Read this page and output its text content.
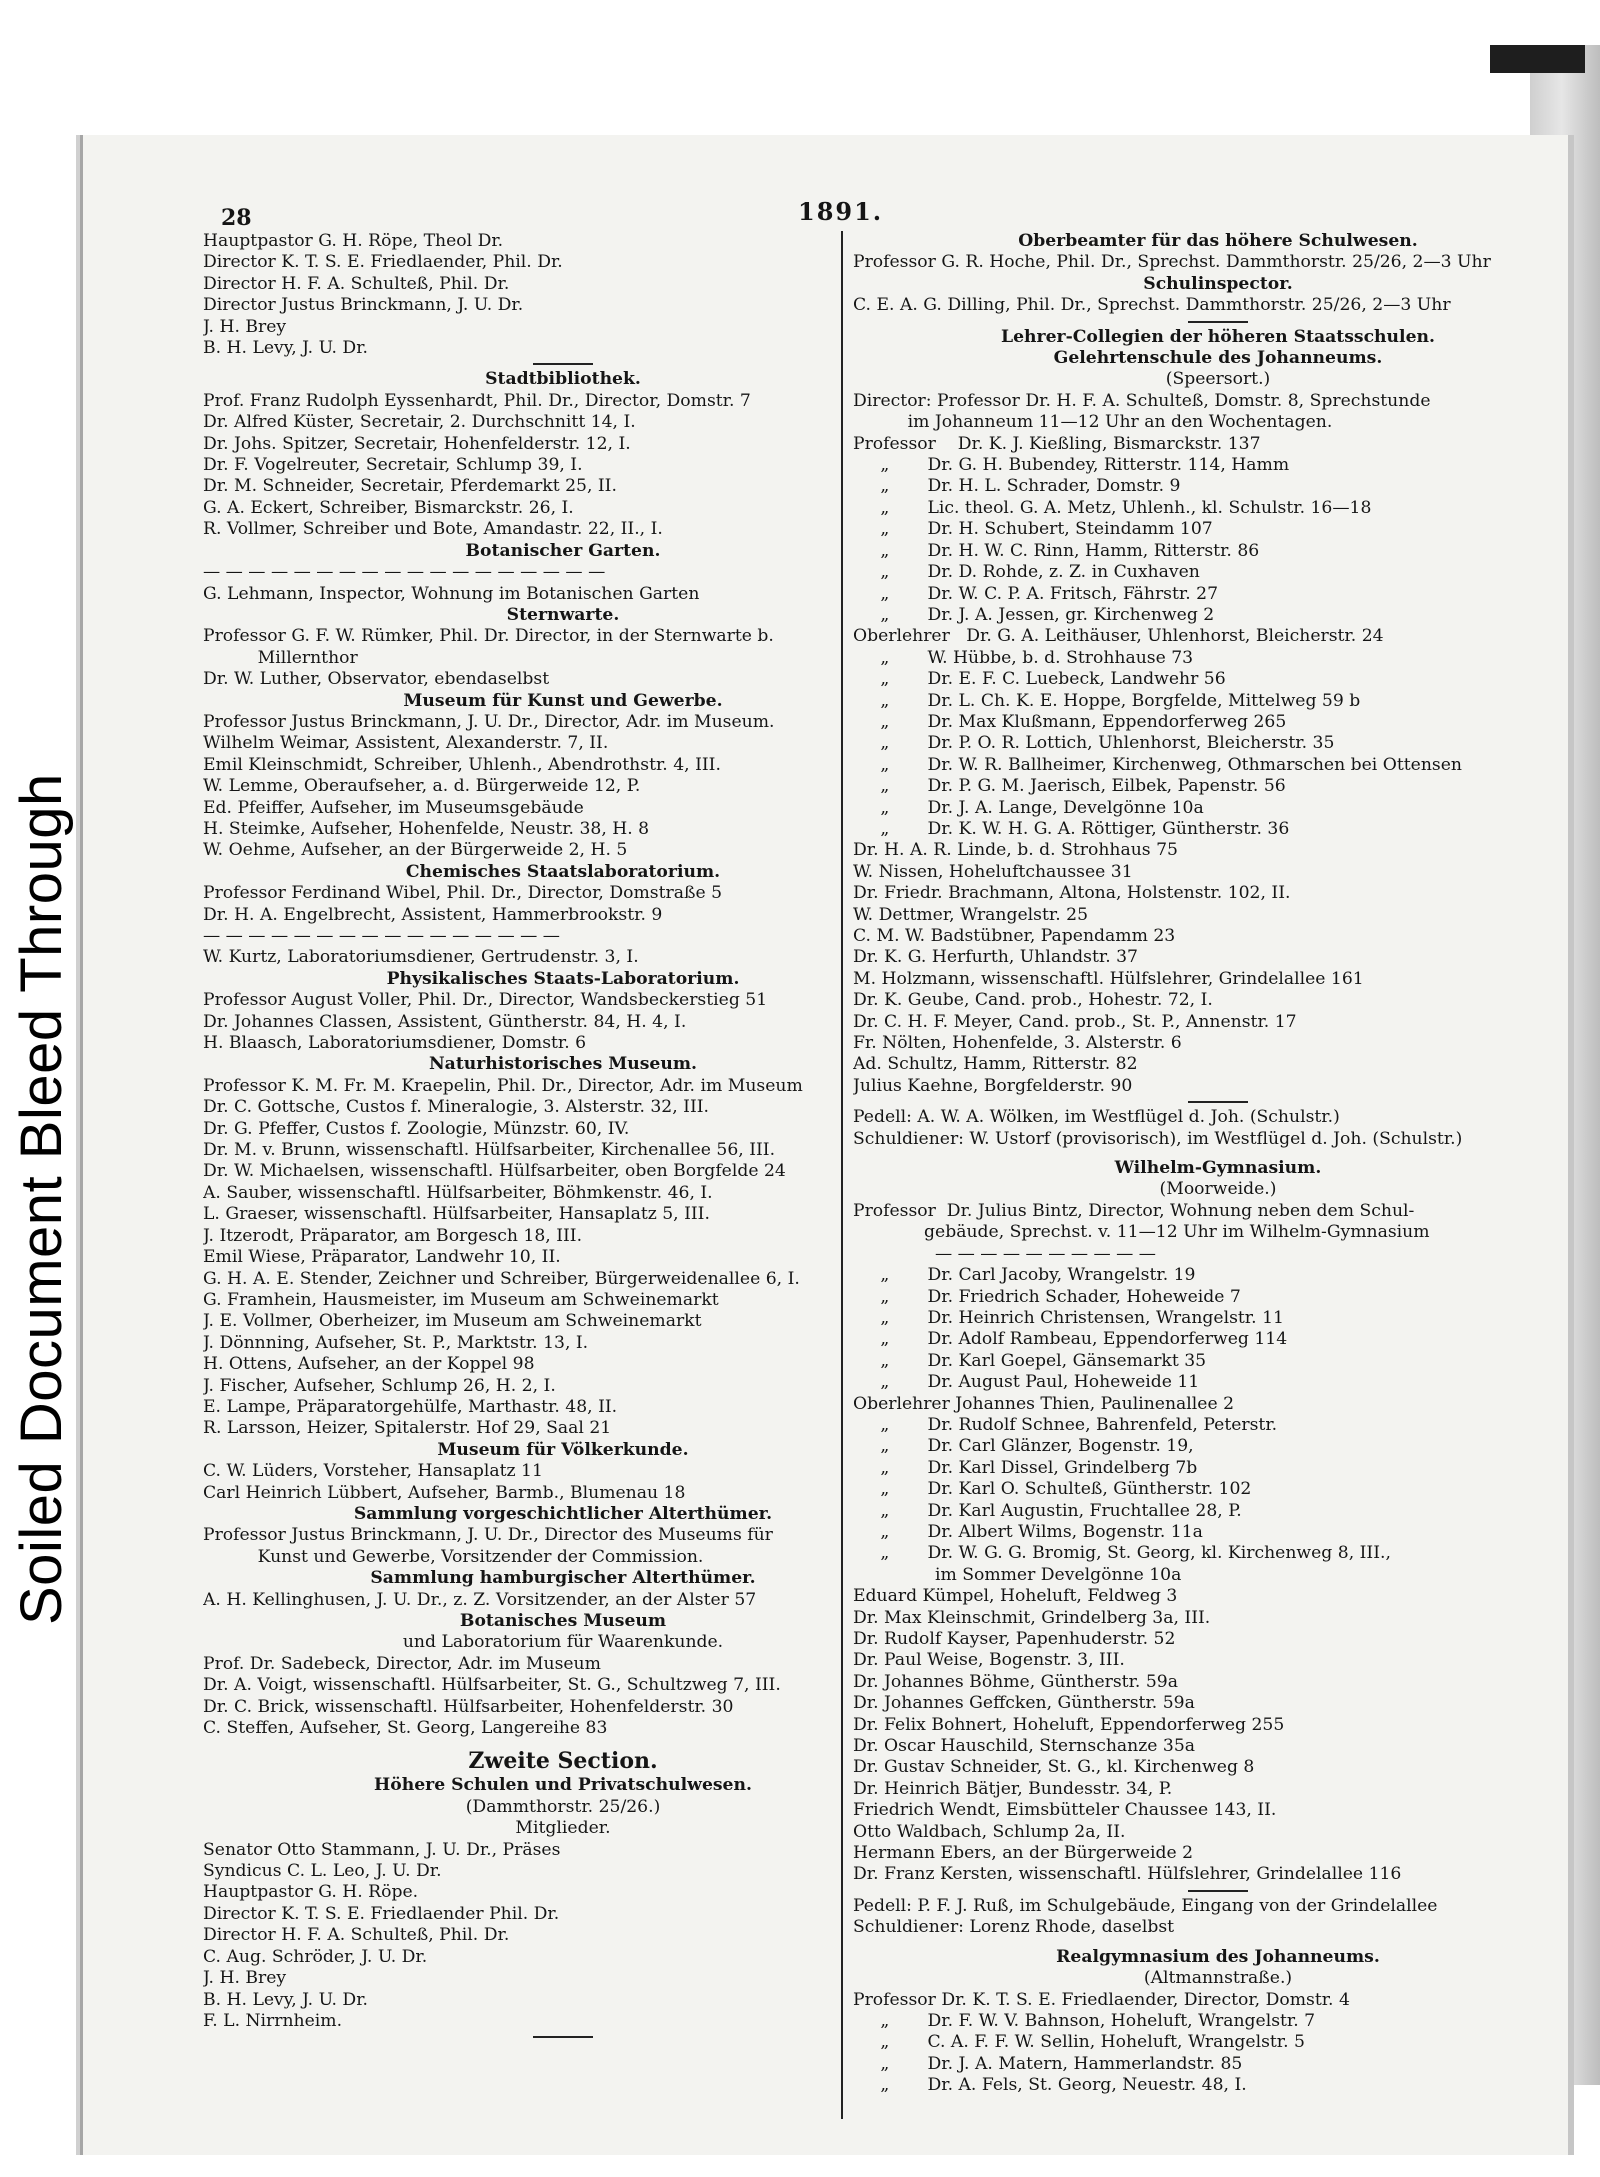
Soiled Document Bleed Through
28	1891.
Hauptpastor G. H. Röpe, Theol Dr.
Director K. T. S. E. Friedlaender, Phil. Dr.
Director H. F. A. Schulteß, Phil. Dr.
Director Justus Brinckmann, J. U. Dr.
J. H. Brey
B. H. Levy, J. U. Dr.
Stadtbibliothek.
Prof. Franz Rudolph Eyssenhardt, Phil. Dr., Director, Domstr. 7
Dr. Alfred Küster, Secretair, 2. Durchschnitt 14, I.
Dr. Johs. Spitzer, Secretair, Hohenfelderstr. 12, I.
Dr. F. Vogelreuter, Secretair, Schlump 39, I.
Dr. M. Schneider, Secretair, Pferdemarkt 25, II.
G. A. Eckert, Schreiber, Bismarckstr. 26, I.
R. Vollmer, Schreiber und Bote, Amandastr. 22, II., I.
Botanischer Garten.
— — — — — — — — — — — — — — — — — —
G. Lehmann, Inspector, Wohnung im Botanischen Garten
Sternwarte.
Professor G. F. W. Rümker, Phil. Dr. Director, in der Sternwarte b.
Millernthor
Dr. W. Luther, Observator, ebendaselbst
Museum für Kunst und Gewerbe.
Professor Justus Brinckmann, J. U. Dr., Director, Adr. im Museum.
Wilhelm Weimar, Assistent, Alexanderstr. 7, II.
Emil Kleinschmidt, Schreiber, Uhlenh., Abendrothstr. 4, III.
W. Lemme, Oberaufseher, a. d. Bürgerweide 12, P.
Ed. Pfeiffer, Aufseher, im Museumsgebäude
H. Steimke, Aufseher, Hohenfelde, Neustr. 38, H. 8
W. Oehme, Aufseher, an der Bürgerweide 2, H. 5
Chemisches Staatslaboratorium.
Professor Ferdinand Wibel, Phil. Dr., Director, Domstraße 5
Dr. H. A. Engelbrecht, Assistent, Hammerbrookstr. 9
— — — — — — — — — — — — — — — —
W. Kurtz, Laboratoriumsdiener, Gertrudenstr. 3, I.
Physikalisches Staats-Laboratorium.
Professor August Voller, Phil. Dr., Director, Wandsbeckerstieg 51
Dr. Johannes Classen, Assistent, Güntherstr. 84, H. 4, I.
H. Blaasch, Laboratoriumsdiener, Domstr. 6
Naturhistorisches Museum.
Professor K. M. Fr. M. Kraepelin, Phil. Dr., Director, Adr. im Museum
Dr. C. Gottsche, Custos f. Mineralogie, 3. Alsterstr. 32, III.
Dr. G. Pfeffer, Custos f. Zoologie, Münzstr. 60, IV.
Dr. M. v. Brunn, wissenschaftl. Hülfsarbeiter, Kirchenallee 56, III.
Dr. W. Michaelsen, wissenschaftl. Hülfsarbeiter, oben Borgfelde 24
A. Sauber, wissenschaftl. Hülfsarbeiter, Böhmkenstr. 46, I.
L. Graeser, wissenschaftl. Hülfsarbeiter, Hansaplatz 5, III.
J. Itzerodt, Präparator, am Borgesch 18, III.
Emil Wiese, Präparator, Landwehr 10, II.
G. H. A. E. Stender, Zeichner und Schreiber, Bürgerweidenallee 6, I.
G. Framhein, Hausmeister, im Museum am Schweinemarkt
J. E. Vollmer, Oberheizer, im Museum am Schweinemarkt
J. Dönnning, Aufseher, St. P., Marktstr. 13, I.
H. Ottens, Aufseher, an der Koppel 98
J. Fischer, Aufseher, Schlump 26, H. 2, I.
E. Lampe, Präparatorgehülfe, Marthastr. 48, II.
R. Larsson, Heizer, Spitalerstr. Hof 29, Saal 21
Museum für Völkerkunde.
C. W. Lüders, Vorsteher, Hansaplatz 11
Carl Heinrich Lübbert, Aufseher, Barmb., Blumenau 18
Sammlung vorgeschichtlicher Alterthümer.
Professor Justus Brinckmann, J. U. Dr., Director des Museums für
Kunst und Gewerbe, Vorsitzender der Commission.
Sammlung hamburgischer Alterthümer.
A. H. Kellinghusen, J. U. Dr., z. Z. Vorsitzender, an der Alster 57
Botanisches Museum
und Laboratorium für Waarenkunde.
Prof. Dr. Sadebeck, Director, Adr. im Museum
Dr. A. Voigt, wissenschaftl. Hülfsarbeiter, St. G., Schultzweg 7, III.
Dr. C. Brick, wissenschaftl. Hülfsarbeiter, Hohenfelderstr. 30
C. Steffen, Aufseher, St. Georg, Langereihe 83
Zweite Section.
Höhere Schulen und Privatschulwesen.
(Dammthorstr. 25/26.)
Mitglieder.
Senator Otto Stammann, J. U. Dr., Präses
Syndicus C. L. Leo, J. U. Dr.
Hauptpastor G. H. Röpe.
Director K. T. S. E. Friedlaender Phil. Dr.
Director H. F. A. Schulteß, Phil. Dr.
C. Aug. Schröder, J. U. Dr.
J. H. Brey
B. H. Levy, J. U. Dr.
F. L. Nirrnheim.
Oberbeamter für das höhere Schulwesen.
Professor G. R. Hoche, Phil. Dr., Sprechst. Dammthorstr. 25/26, 2—3 Uhr
Schulinspector.
C. E. A. G. Dilling, Phil. Dr., Sprechst. Dammthorstr. 25/26, 2—3 Uhr
Lehrer-Collegien der höheren Staatsschulen.
Gelehrtenschule des Johanneums.
(Speersort.)
Director: Professor Dr. H. F. A. Schulteß, Domstr. 8, Sprechstunde
im Johanneum 11—12 Uhr an den Wochentagen.
Professor    Dr. K. J. Kießling, Bismarckstr. 137
„       Dr. G. H. Bubendey, Ritterstr. 114, Hamm
„       Dr. H. L. Schrader, Domstr. 9
„       Lic. theol. G. A. Metz, Uhlenh., kl. Schulstr. 16—18
„       Dr. H. Schubert, Steindamm 107
„       Dr. H. W. C. Rinn, Hamm, Ritterstr. 86
„       Dr. D. Rohde, z. Z. in Cuxhaven
„       Dr. W. C. P. A. Fritsch, Fährstr. 27
„       Dr. J. A. Jessen, gr. Kirchenweg 2
Oberlehrer   Dr. G. A. Leithäuser, Uhlenhorst, Bleicherstr. 24
„       W. Hübbe, b. d. Strohhause 73
„       Dr. E. F. C. Luebeck, Landwehr 56
„       Dr. L. Ch. K. E. Hoppe, Borgfelde, Mittelweg 59 b
„       Dr. Max Klußmann, Eppendorferweg 265
„       Dr. P. O. R. Lottich, Uhlenhorst, Bleicherstr. 35
„       Dr. W. R. Ballheimer, Kirchenweg, Othmarschen bei Ottensen
„       Dr. P. G. M. Jaerisch, Eilbek, Papenstr. 56
„       Dr. J. A. Lange, Develgönne 10a
„       Dr. K. W. H. G. A. Röttiger, Güntherstr. 36
Dr. H. A. R. Linde, b. d. Strohhaus 75
W. Nissen, Hoheluftchaussee 31
Dr. Friedr. Brachmann, Altona, Holstenstr. 102, II.
W. Dettmer, Wrangelstr. 25
C. M. W. Badstübner, Papendamm 23
Dr. K. G. Herfurth, Uhlandstr. 37
M. Holzmann, wissenschaftl. Hülfslehrer, Grindelallee 161
Dr. K. Geube, Cand. prob., Hohestr. 72, I.
Dr. C. H. F. Meyer, Cand. prob., St. P., Annenstr. 17
Fr. Nölten, Hohenfelde, 3. Alsterstr. 6
Ad. Schultz, Hamm, Ritterstr. 82
Julius Kaehne, Borgfelderstr. 90
Pedell: A. W. A. Wölken, im Westflügel d. Joh. (Schulstr.)
Schuldiener: W. Ustorf (provisorisch), im Westflügel d. Joh. (Schulstr.)
Wilhelm-Gymnasium.
(Moorweide.)
Professor  Dr. Julius Bintz, Director, Wohnung neben dem Schul-
gebäude, Sprechst. v. 11—12 Uhr im Wilhelm-Gymnasium
— — — — — — — — — —
„       Dr. Carl Jacoby, Wrangelstr. 19
„       Dr. Friedrich Schader, Hoheweide 7
„       Dr. Heinrich Christensen, Wrangelstr. 11
„       Dr. Adolf Rambeau, Eppendorferweg 114
„       Dr. Karl Goepel, Gänsemarkt 35
„       Dr. August Paul, Hoheweide 11
Oberlehrer Johannes Thien, Paulinenallee 2
„       Dr. Rudolf Schnee, Bahrenfeld, Peterstr.
„       Dr. Carl Glänzer, Bogenstr. 19,
„       Dr. Karl Dissel, Grindelberg 7b
„       Dr. Karl O. Schulteß, Güntherstr. 102
„       Dr. Karl Augustin, Fruchtallee 28, P.
„       Dr. Albert Wilms, Bogenstr. 11a
„       Dr. W. G. G. Bromig, St. Georg, kl. Kirchenweg 8, III.,
im Sommer Develgönne 10a
Eduard Kümpel, Hoheluft, Feldweg 3
Dr. Max Kleinschmit, Grindelberg 3a, III.
Dr. Rudolf Kayser, Papenhuderstr. 52
Dr. Paul Weise, Bogenstr. 3, III.
Dr. Johannes Böhme, Güntherstr. 59a
Dr. Johannes Geffcken, Güntherstr. 59a
Dr. Felix Bohnert, Hoheluft, Eppendorferweg 255
Dr. Oscar Hauschild, Sternschanze 35a
Dr. Gustav Schneider, St. G., kl. Kirchenweg 8
Dr. Heinrich Bätjer, Bundesstr. 34, P.
Friedrich Wendt, Eimsbütteler Chaussee 143, II.
Otto Waldbach, Schlump 2a, II.
Hermann Ebers, an der Bürgerweide 2
Dr. Franz Kersten, wissenschaftl. Hülfslehrer, Grindelallee 116
Pedell: P. F. J. Ruß, im Schulgebäude, Eingang von der Grindelallee
Schuldiener: Lorenz Rhode, daselbst
Realgymnasium des Johanneums.
(Altmannstraße.)
Professor Dr. K. T. S. E. Friedlaender, Director, Domstr. 4
„       Dr. F. W. V. Bahnson, Hoheluft, Wrangelstr. 7
„       C. A. F. F. W. Sellin, Hoheluft, Wrangelstr. 5
„       Dr. J. A. Matern, Hammerlandstr. 85
„       Dr. A. Fels, St. Georg, Neuestr. 48, I.
